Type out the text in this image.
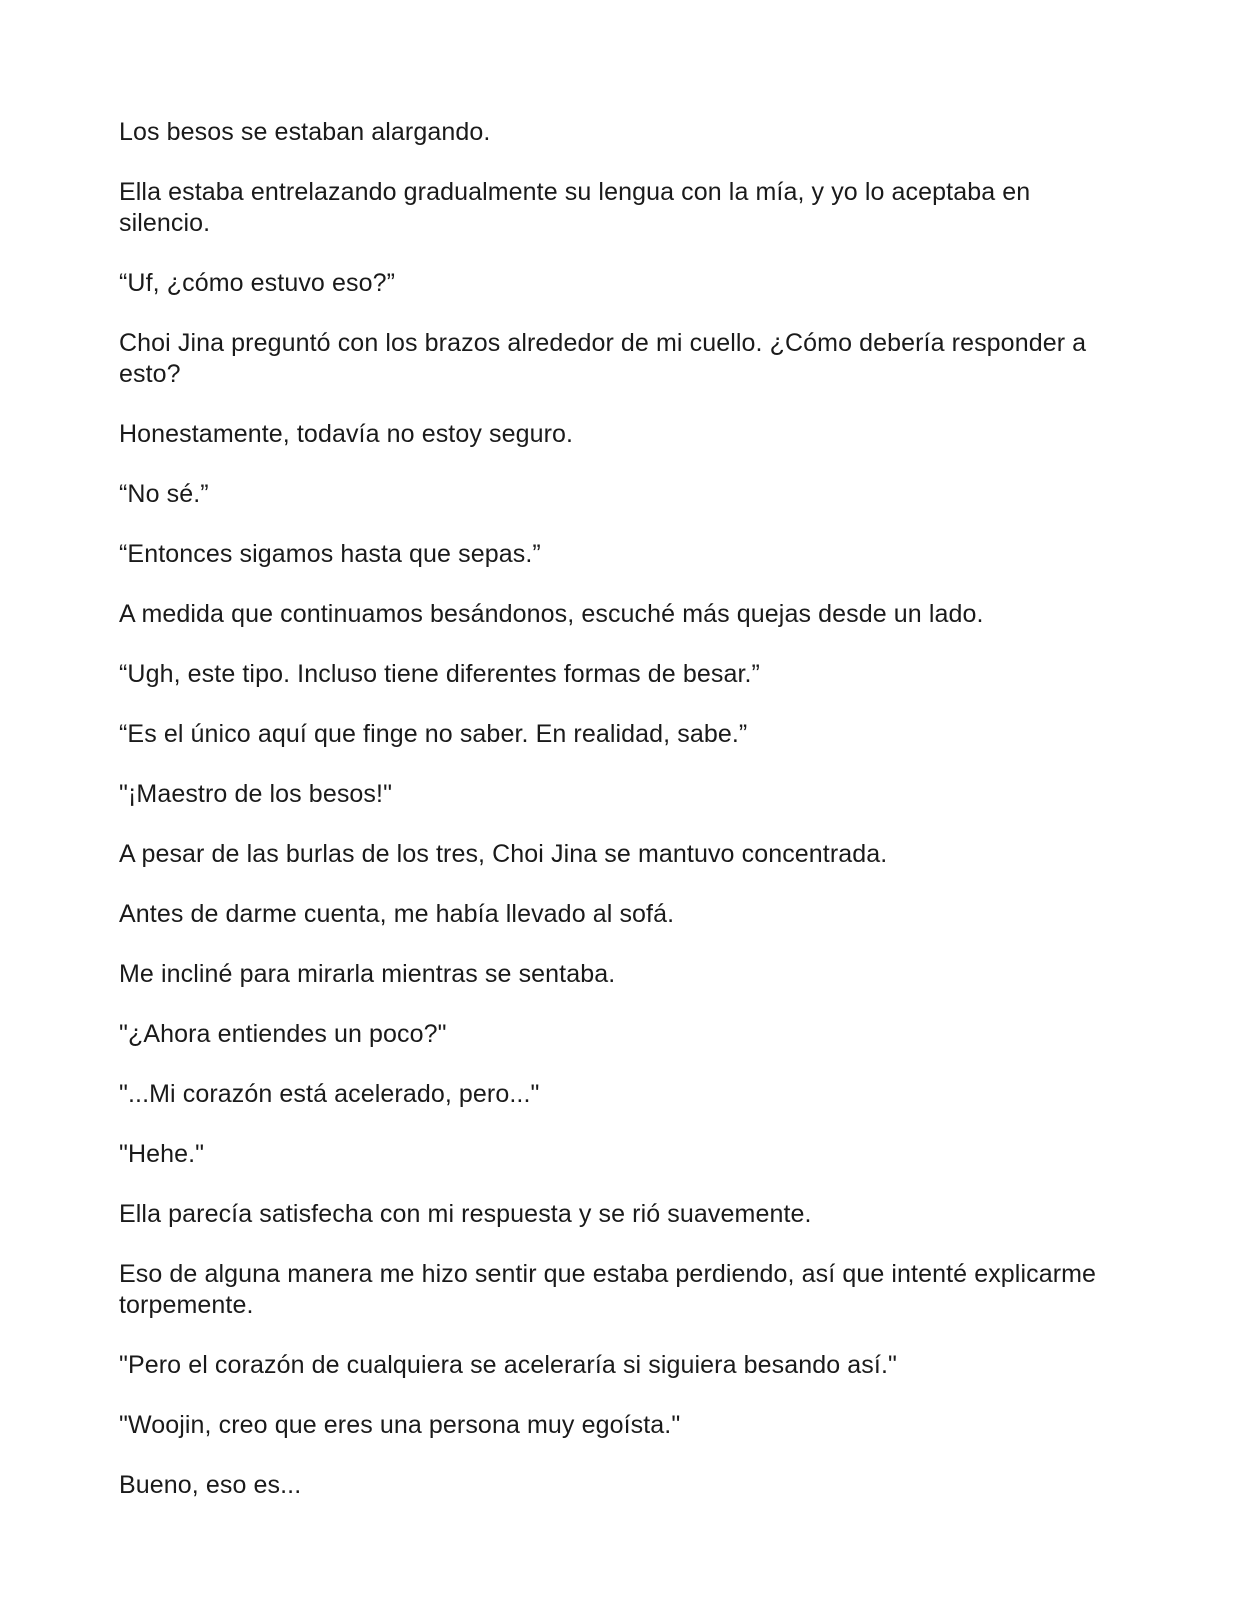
Los besos se estaban alargando.

Ella estaba entrelazando gradualmente su lengua con la mía, y yo lo aceptaba en silencio.

“Uf, ¿cómo estuvo eso?”

Choi Jina preguntó con los brazos alrededor de mi cuello. ¿Cómo debería responder a esto?

Honestamente, todavía no estoy seguro.

“No sé.”

“Entonces sigamos hasta que sepas.”

A medida que continuamos besándonos, escuché más quejas desde un lado.

“Ugh, este tipo. Incluso tiene diferentes formas de besar.”

“Es el único aquí que finge no saber. En realidad, sabe.”

"¡Maestro de los besos!"

A pesar de las burlas de los tres, Choi Jina se mantuvo concentrada.

Antes de darme cuenta, me había llevado al sofá.

Me incliné para mirarla mientras se sentaba.

"¿Ahora entiendes un poco?"

"...Mi corazón está acelerado, pero..."

"Hehe."

Ella parecía satisfecha con mi respuesta y se rió suavemente.

Eso de alguna manera me hizo sentir que estaba perdiendo, así que intenté explicarme torpemente.

"Pero el corazón de cualquiera se aceleraría si siguiera besando así."

"Woojin, creo que eres una persona muy egoísta."

Bueno, eso es...
